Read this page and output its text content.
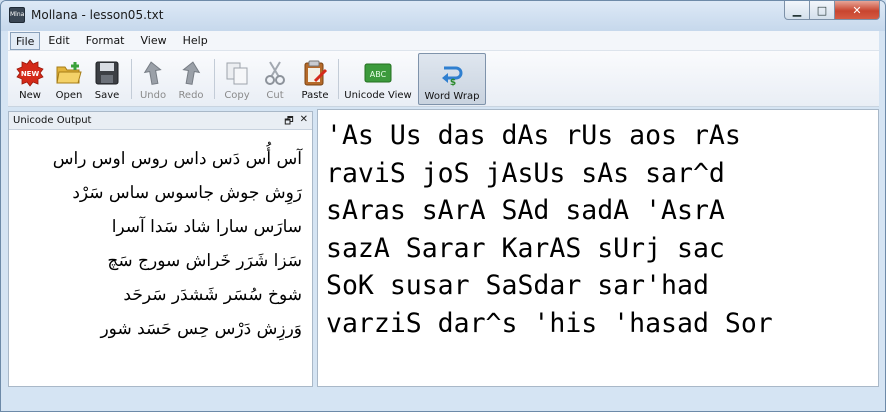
Mlna Mollana - lesson05.txt	▁	□	✕
File	Edit	Format	View	Help
NEW
New Open Save Undo Redo Copy Cut Paste
ABC
Unicode View
$
Word Wrap
Unicode Output	🗗 ✕
آس أُس دَس داس روس اوس راس
رَوِش جوش جاسوس ساس سَرْد
سارَس سارا شاد سَدا آسرا
سَزا شَرَر خَراش سورج سَچ
شوخ سُسَر شَشدَر سَرحَد
وَرزِش دَرْس حِس حَسَد شور
'As Us das dAs rUs aos rAs
raviS joS jAsUs sAs sar^d
sAras sArA SAd sadA 'AsrA
sazA Sarar KarAS sUrj sac
SoK susar SaSdar sar'had
varziS dar^s 'his 'hasad Sor
